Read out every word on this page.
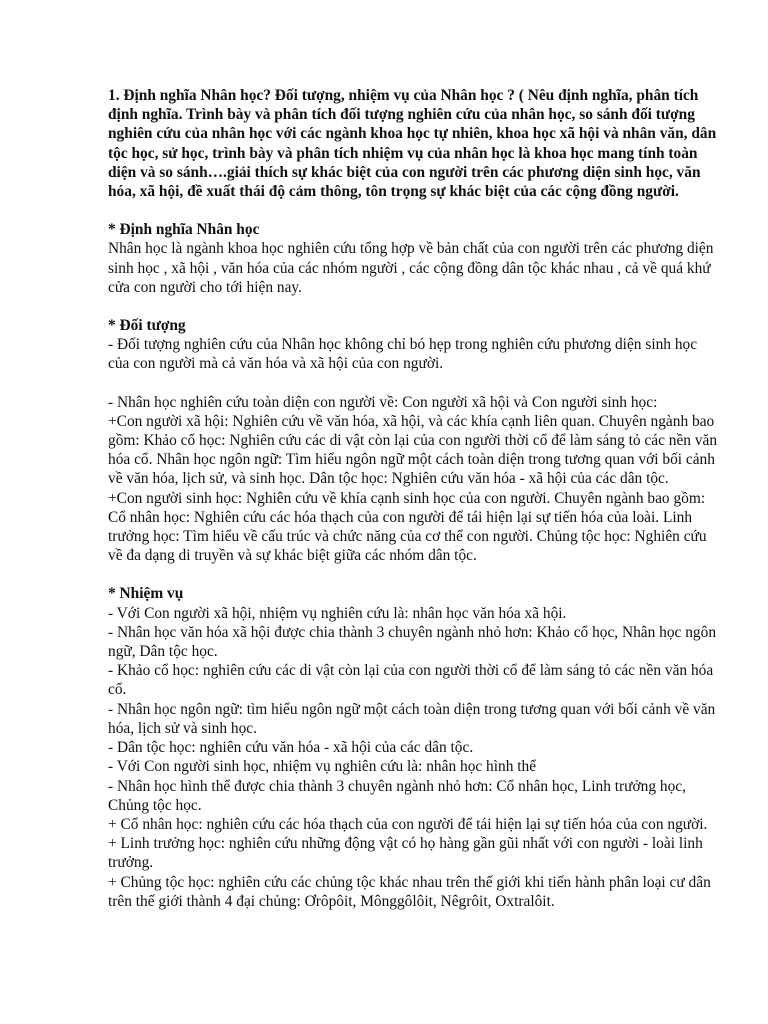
1. Định nghĩa Nhân học? Đối tượng, nhiệm vụ của Nhân học ? ( Nêu định nghĩa, phân tích định nghĩa. Trình bày và phân tích đối tượng nghiên cứu của nhân học, so sánh đối tượng nghiên cứu của nhân học với các ngành khoa học tự nhiên, khoa học xã hội và nhân văn, dân tộc học, sử học, trình bày và phân tích nhiệm vụ của nhân học là khoa học mang tính toàn diện và so sánh….giải thích sự khác biệt của con người trên các phương diện sinh học, văn hóa, xã hội, đề xuất thái độ cảm thông, tôn trọng sự khác biệt của các cộng đồng người.

* Định nghĩa Nhân học

Nhân học là ngành khoa học nghiên cứu tổng hợp về bản chất của con người trên các phương diện sinh học , xã hội , văn hóa của các nhóm người , các cộng đồng dân tộc khác nhau , cả về quá khứ cửa con người cho tới hiện nay.

* Đối tượng

- Đối tượng nghiên cứu của Nhân học không chỉ bó hẹp trong nghiên cứu phương diện sinh học của con người mà cả văn hóa và xã hội của con người.

- Nhân học nghiên cứu toàn diện con người về: Con người xã hội và Con người sinh học:

+Con người xã hội: Nghiên cứu về văn hóa, xã hội, và các khía cạnh liên quan. Chuyên ngành bao gồm: Khảo cổ học: Nghiên cứu các di vật còn lại của con người thời cổ để làm sáng tỏ các nền văn hóa cổ. Nhân học ngôn ngữ: Tìm hiểu ngôn ngữ một cách toàn diện trong tương quan với bối cảnh về văn hóa, lịch sử, và sinh học. Dân tộc học: Nghiên cứu văn hóa - xã hội của các dân tộc.

+Con người sinh học: Nghiên cứu về khía cạnh sinh học của con người. Chuyên ngành bao gồm: Cổ nhân học: Nghiên cứu các hóa thạch của con người để tái hiện lại sự tiến hóa của loài. Linh trưởng học: Tìm hiểu về cấu trúc và chức năng của cơ thể con người. Chủng tộc học: Nghiên cứu về đa dạng di truyền và sự khác biệt giữa các nhóm dân tộc.

* Nhiệm vụ

- Với Con người xã hội, nhiệm vụ nghiên cứu là: nhân học văn hóa xã hội.

- Nhân học văn hóa xã hội được chia thành 3 chuyên ngành nhỏ hơn: Khảo cổ học, Nhân học ngôn ngữ, Dân tộc học.

- Khảo cổ học: nghiên cứu các di vật còn lại của con người thời cổ để làm sáng tỏ các nền văn hóa cổ.

- Nhân học ngôn ngữ: tìm hiểu ngôn ngữ một cách toàn diện trong tương quan với bối cảnh về văn hóa, lịch sử và sinh học.

- Dân tộc học: nghiên cứu văn hóa - xã hội của các dân tộc.

- Với Con người sinh học, nhiệm vụ nghiên cứu là: nhân học hình thể

- Nhân học hình thể được chia thành 3 chuyên ngành nhỏ hơn: Cổ nhân học, Linh trưởng học, Chủng tộc học.

+ Cổ nhân học: nghiên cứu các hóa thạch của con người để tái hiện lại sự tiến hóa của con người.

+ Linh trưởng học: nghiên cứu những động vật có họ hàng gần gũi nhất với con người - loài linh trưởng.

+ Chủng tộc học: nghiên cứu các chủng tộc khác nhau trên thế giới khi tiến hành phân loại cư dân trên thế giới thành 4 đại chủng: Ơrôpôit, Mônggôlôit, Nêgrôit, Oxtralôit.
